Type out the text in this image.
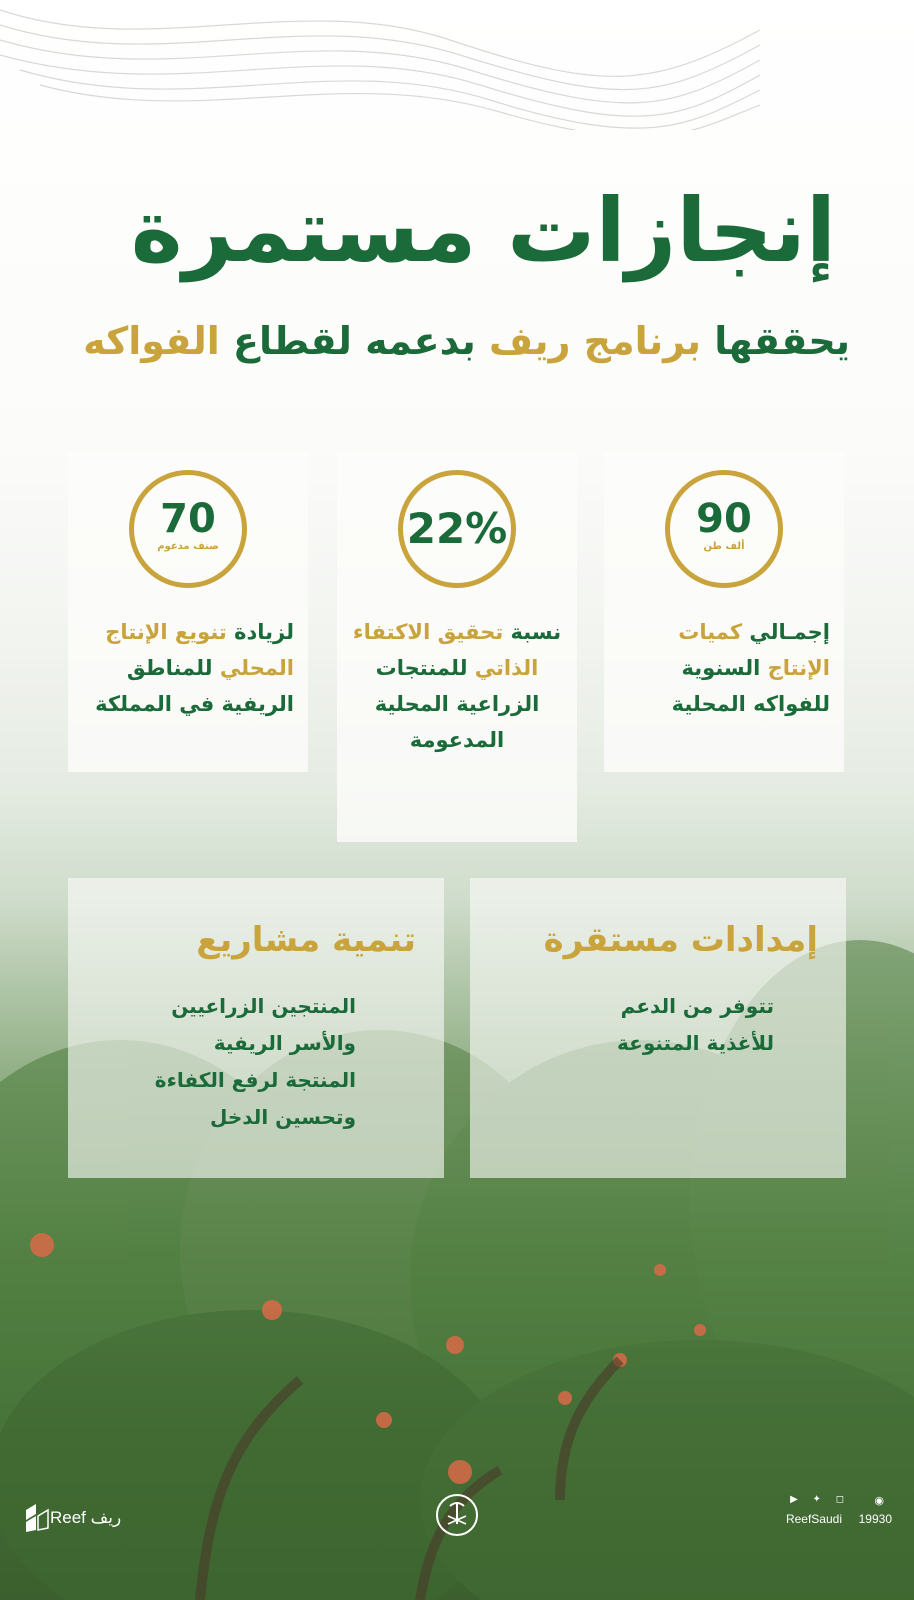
إنجازات مستمرة
يحققها برنامج ريف بدعمه لقطاع الفواكه
90
ألف طن
إجمـالي كميات الإنتاج السنوية للفواكه المحلية
22%
نسبة تحقيق الاكتفاء الذاتي للمنتجات الزراعية المحلية المدعومة
70
صنف مدعوم
لزيادة تنويع الإنتاج المحلي للمناطق الريفية في المملكة
إمدادات مستقرة
تتوفر من الدعم
للأغذية المتنوعة
تنمية مشاريع
المنتجين الزراعيين
والأسر الريفية
المنتجة لرفع الكفاءة
وتحسين الدخل
Reef ريف
▶ ✦ ◻ ◉
ReefSaudi 19930
